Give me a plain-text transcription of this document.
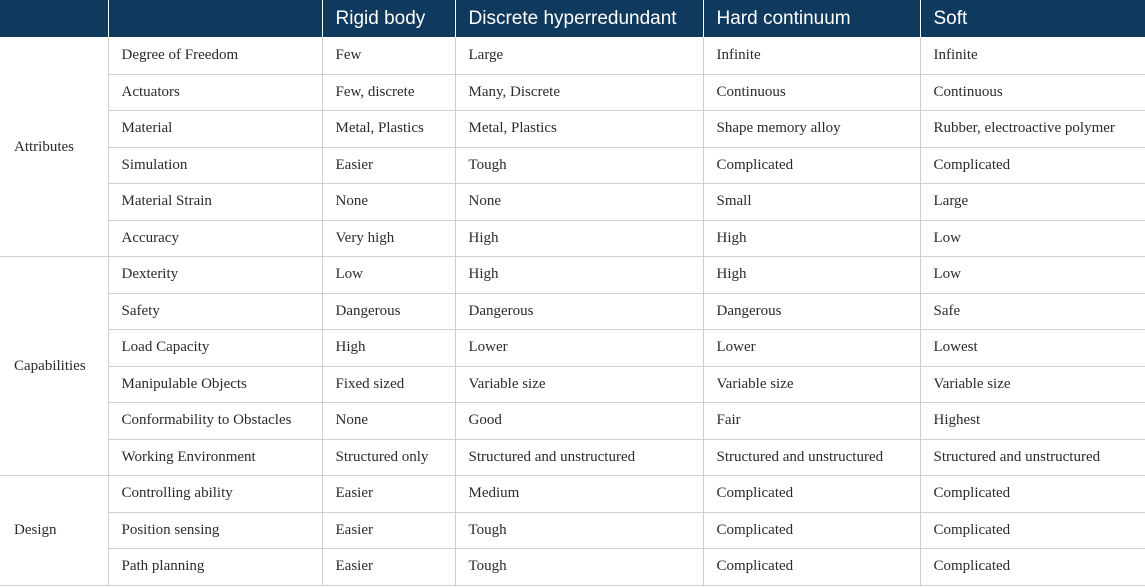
		Rigid body	Discrete hyperredundant	Hard continuum	Soft
Attributes	Degree of Freedom	Few	Large	Infinite	Infinite
	Actuators	Few, discrete	Many, Discrete	Continuous	Continuous
	Material	Metal, Plastics	Metal, Plastics	Shape memory alloy	Rubber, electroactive polymer
	Simulation	Easier	Tough	Complicated	Complicated
	Material Strain	None	None	Small	Large
	Accuracy	Very high	High	High	Low
Capabilities	Dexterity	Low	High	High	Low
	Safety	Dangerous	Dangerous	Dangerous	Safe
	Load Capacity	High	Lower	Lower	Lowest
	Manipulable Objects	Fixed sized	Variable size	Variable size	Variable size
	Conformability to Obstacles	None	Good	Fair	Highest
	Working Environment	Structured only	Structured and unstructured	Structured and unstructured	Structured and unstructured
Design	Controlling ability	Easier	Medium	Complicated	Complicated
	Position sensing	Easier	Tough	Complicated	Complicated
	Path planning	Easier	Tough	Complicated	Complicated
